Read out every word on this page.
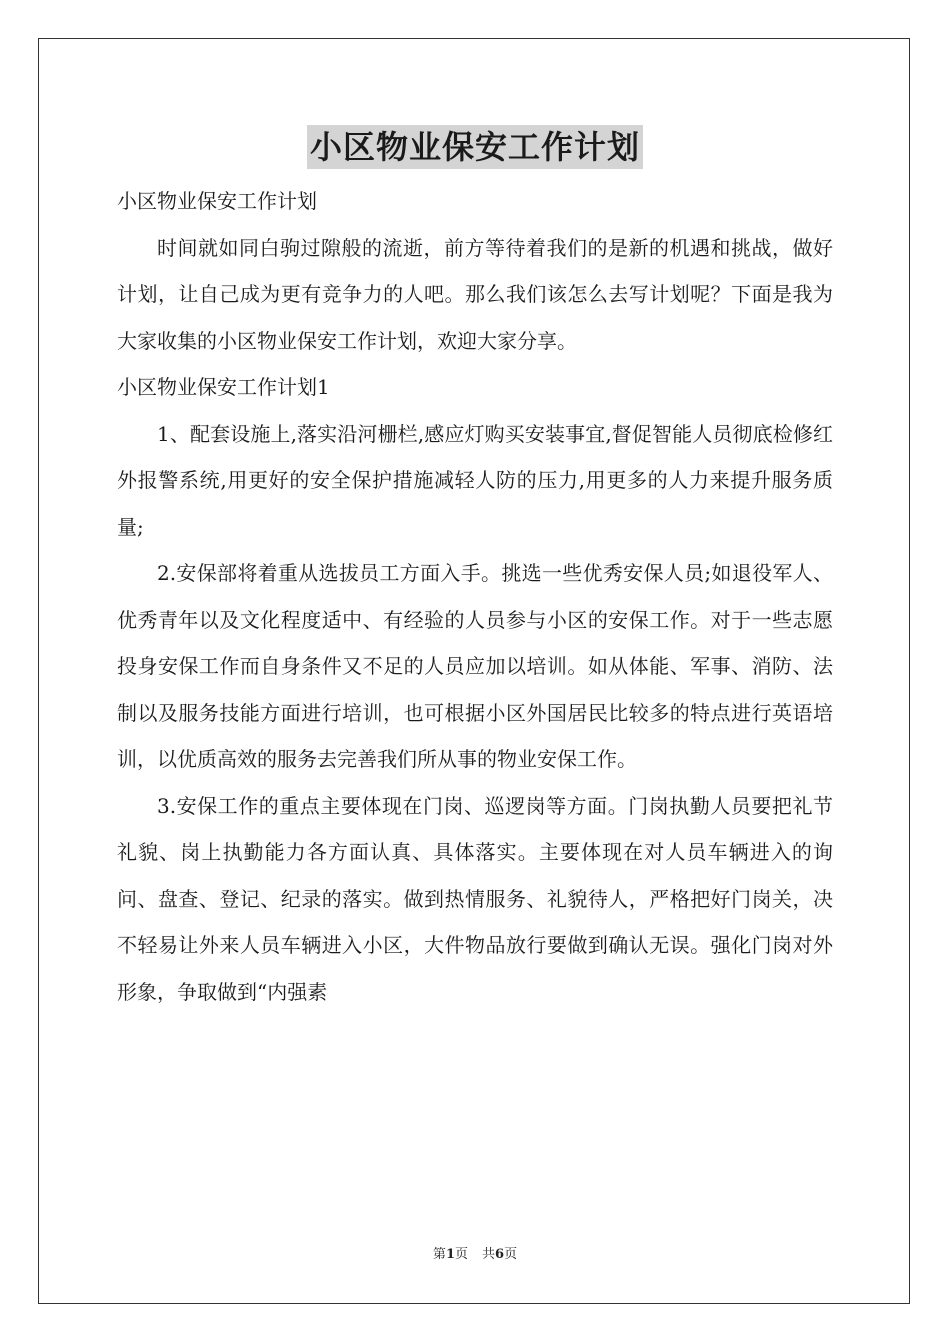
小区物业保安工作计划

小区物业保安工作计划

时间就如同白驹过隙般的流逝，前方等待着我们的是新的机遇和挑战，做好计划，让自己成为更有竞争力的人吧。那么我们该怎么去写计划呢？下面是我为大家收集的小区物业保安工作计划，欢迎大家分享。

小区物业保安工作计划1

1、配套设施上,落实沿河栅栏,感应灯购买安装事宜,督促智能人员彻底检修红外报警系统,用更好的安全保护措施减轻人防的压力,用更多的人力来提升服务质量;

2.安保部将着重从选拔员工方面入手。挑选一些优秀安保人员;如退役军人、优秀青年以及文化程度适中、有经验的人员参与小区的安保工作。对于一些志愿投身安保工作而自身条件又不足的人员应加以培训。如从体能、军事、消防、法制以及服务技能方面进行培训，也可根据小区外国居民比较多的特点进行英语培训，以优质高效的服务去完善我们所从事的物业安保工作。

3.安保工作的重点主要体现在门岗、巡逻岗等方面。门岗执勤人员要把礼节礼貌、岗上执勤能力各方面认真、具体落实。主要体现在对人员车辆进入的询问、盘查、登记、纪录的落实。做到热情服务、礼貌待人，严格把好门岗关，决不轻易让外来人员车辆进入小区，大件物品放行要做到确认无误。强化门岗对外形象，争取做到“内强素

第1页 共6页
